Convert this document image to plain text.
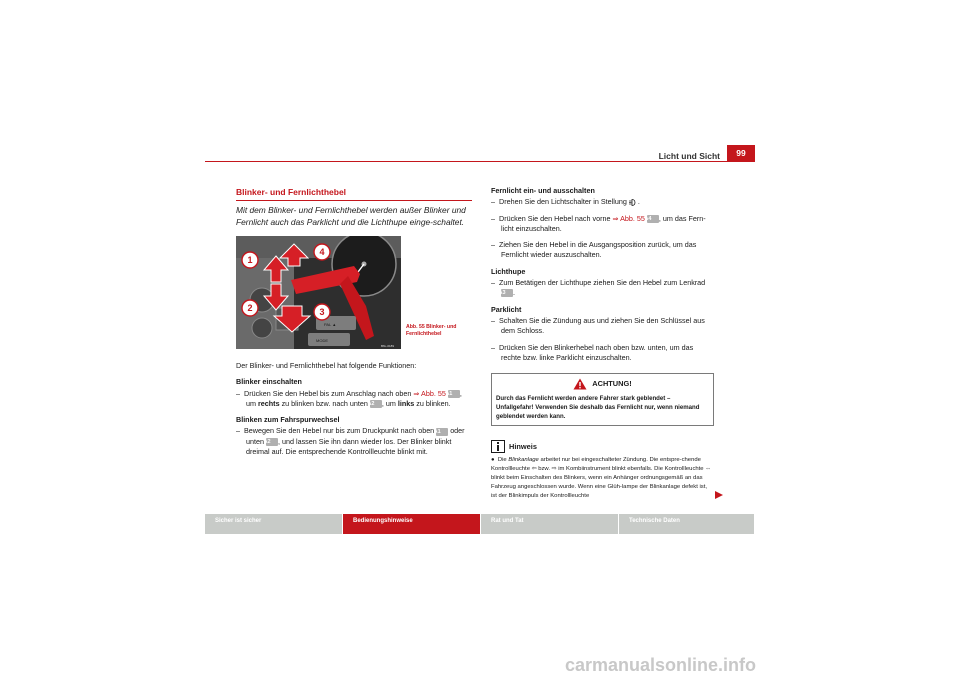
Licht und Sicht	99
Blinker- und Fernlichthebel

Mit dem Blinker- und Fernlichthebel werden außer Blinker und Fernlicht auch das Parklicht und die Lichthupe einge-schaltet.

PAL ▲
MODE
1
2	3
4
B6L-0189
Abb. 55 Blinker- und Fernlichthebel

Der Blinker- und Fernlichthebel hat folgende Funktionen:

Blinker einschalten

– Drücken Sie den Hebel bis zum Anschlag nach oben ⇒ Abb. 55 A1 , um rechts zu blinken bzw. nach unten A2 , um links zu blinken.

Blinken zum Fahrspurwechsel

– Bewegen Sie den Hebel nur bis zum Druckpunkt nach oben A1 oder unten A2 , und lassen Sie ihn dann wieder los. Der Blinker blinkt dreimal auf. Die entsprechende Kontrollleuchte blinkt mit.

Fernlicht ein- und ausschalten

– Drehen Sie den Lichtschalter in Stellung .

– Drücken Sie den Hebel nach vorne ⇒ Abb. 55 A4 , um das Fern-licht einzuschalten.

– Ziehen Sie den Hebel in die Ausgangsposition zurück, um das Fernlicht wieder auszuschalten.

Lichthupe

– Zum Betätigen der Lichthupe ziehen Sie den Hebel zum Lenkrad A3 .

Parklicht

– Schalten Sie die Zündung aus und ziehen Sie den Schlüssel aus dem Schloss.

– Drücken Sie den Blinkerhebel nach oben bzw. unten, um das rechte bzw. linke Parklicht einzuschalten.

ACHTUNG!
Durch das Fernlicht werden andere Fahrer stark geblendet – Unfallgefahr! Verwenden Sie deshalb das Fernlicht nur, wenn niemand geblendet werden kann.
Hinweis
● Die Blinkanlage arbeitet nur bei eingeschalteter Zündung. Die entspre-chende Kontrollleuchte ⇦ bzw. ⇨ im Kombiinstrument blinkt ebenfalls. Die Kontrollleuchte ⇔ blinkt beim Einschalten des Blinkers, wenn ein Anhänger ordnungsgemäß an das Fahrzeug angeschlossen wurde. Wenn eine Glüh-lampe der Blinkanlage defekt ist, ist der Blinkimpuls der Kontrollleuchte
Sicher ist sicher	Bedienungshinweise	Rat und Tat	Technische Daten
carmanualsonline.info
